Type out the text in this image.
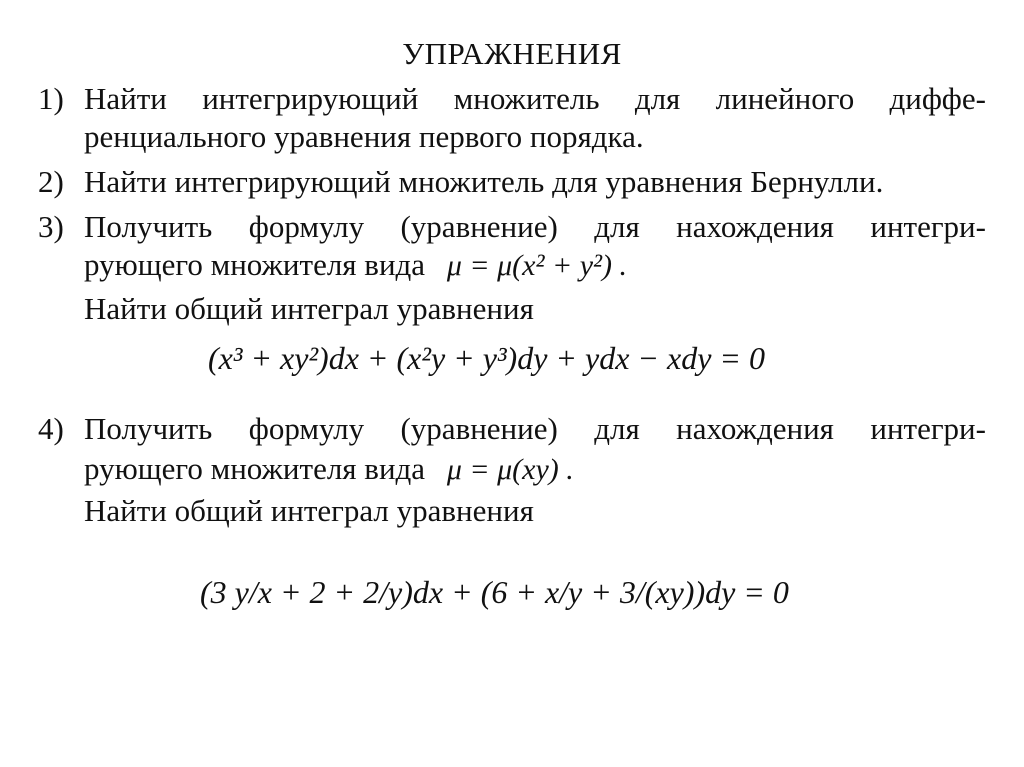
УПРАЖНЕНИЯ
1) Найти интегрирующий множитель для линейного диффе-
ренциального уравнения первого порядка.
2) Найти интегрирующий множитель для уравнения Бернулли.
3) Получить формулу (уравнение) для нахождения интегри-
рующего множителя вида μ = μ(x² + y²) .
Найти общий интеграл уравнения
(x³ + xy²)dx + (x²y + y³)dy + ydx − xdy = 0
4) Получить формулу (уравнение) для нахождения интегри-
рующего множителя вида μ = μ(xy) .
Найти общий интеграл уравнения
(3 y/x + 2 + 2/y)dx + (6 + x/y + 3/(xy))dy = 0
